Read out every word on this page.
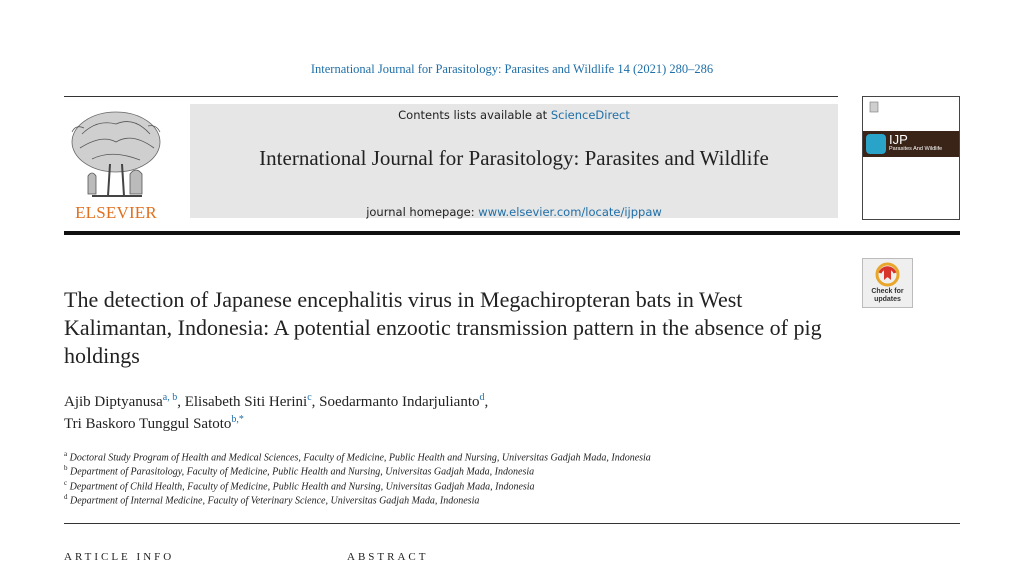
International Journal for Parasitology: Parasites and Wildlife 14 (2021) 280–286
ELSEVIER
Contents lists available at ScienceDirect
International Journal for Parasitology: Parasites and Wildlife
journal homepage: www.elsevier.com/locate/ijppaw
IJP
Parasites And Wildlife
Check for
updates
The detection of Japanese encephalitis virus in Megachiropteran bats in West Kalimantan, Indonesia: A potential enzootic transmission pattern in the absence of pig holdings
Ajib Diptyanusa$^{a, b}$, Elisabeth Siti Herini$^c$, Soedarmanto Indarjulianto$^d$,
Tri Baskoro Tunggul Satoto$^{b,*}$
$^a$ Doctoral Study Program of Health and Medical Sciences, Faculty of Medicine, Public Health and Nursing, Universitas Gadjah Mada, Indonesia
$^b$ Department of Parasitology, Faculty of Medicine, Public Health and Nursing, Universitas Gadjah Mada, Indonesia
$^c$ Department of Child Health, Faculty of Medicine, Public Health and Nursing, Universitas Gadjah Mada, Indonesia
$^d$ Department of Internal Medicine, Faculty of Veterinary Science, Universitas Gadjah Mada, Indonesia
ARTICLE INFO	ABSTRACT
